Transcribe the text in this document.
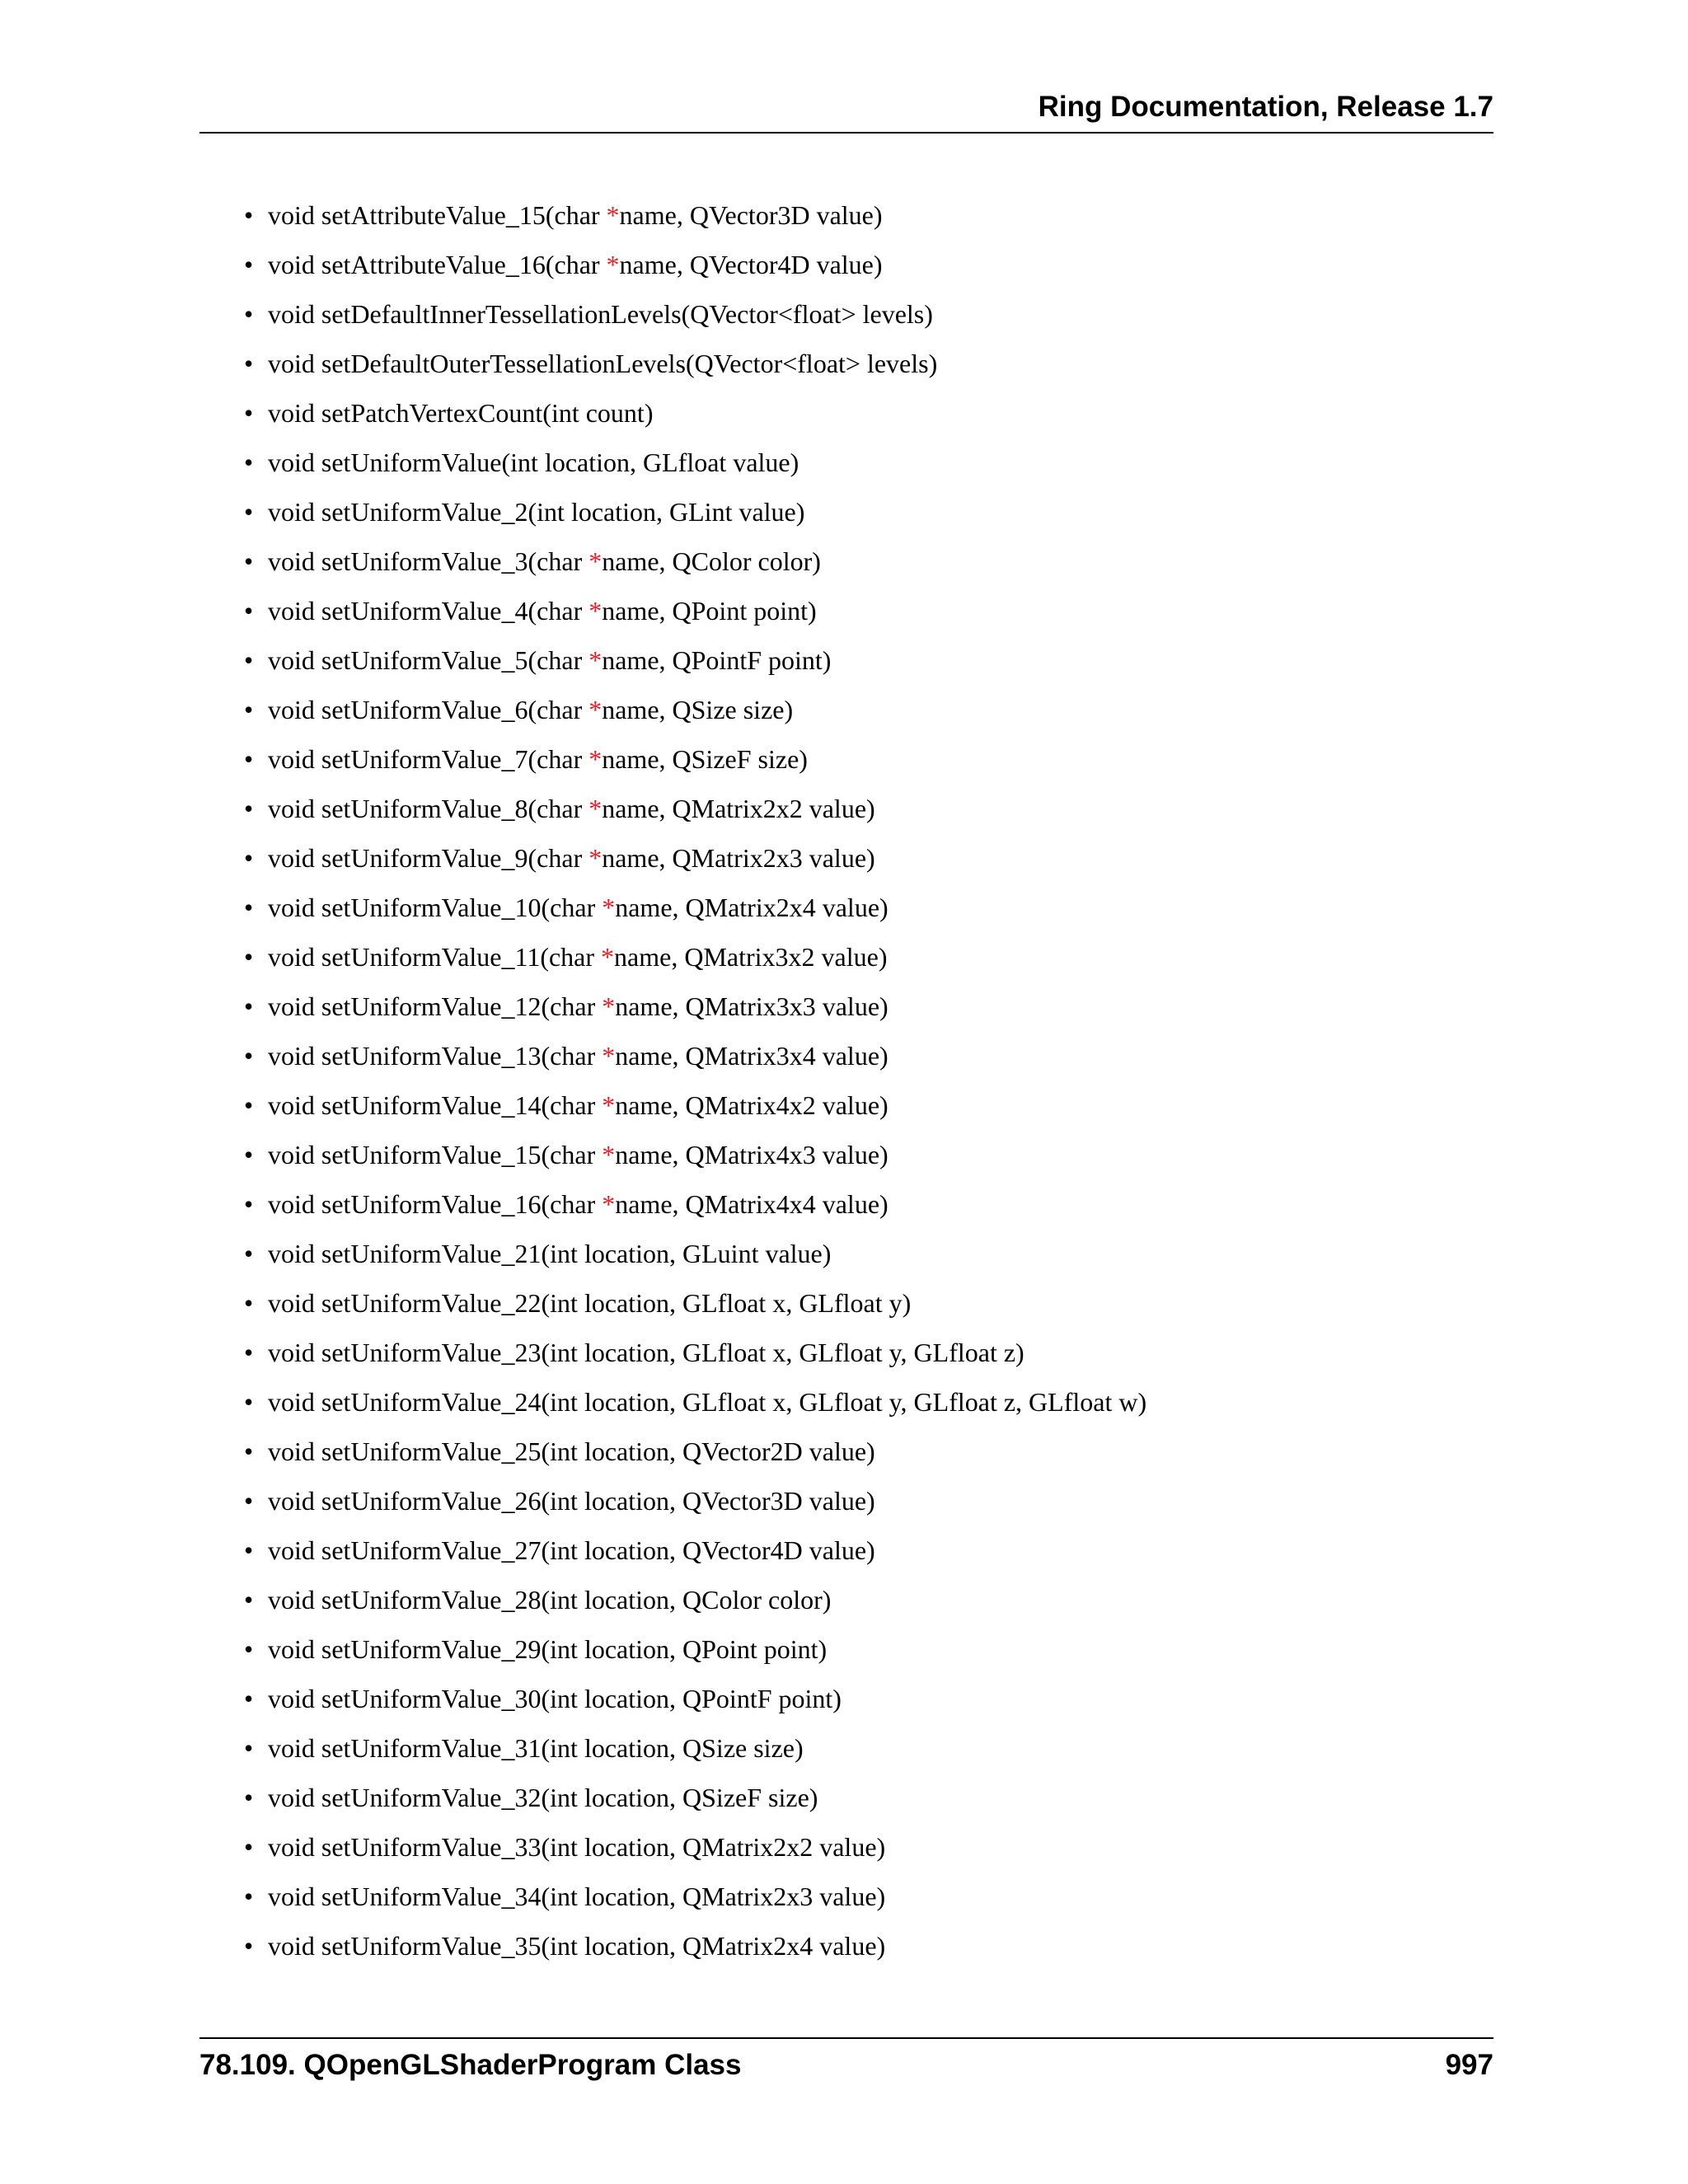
Ring Documentation, Release 1.7
• void setAttributeValue_15(char *name, QVector3D value)
• void setAttributeValue_16(char *name, QVector4D value)
• void setDefaultInnerTessellationLevels(QVector<float> levels)
• void setDefaultOuterTessellationLevels(QVector<float> levels)
• void setPatchVertexCount(int count)
• void setUniformValue(int location, GLfloat value)
• void setUniformValue_2(int location, GLint value)
• void setUniformValue_3(char *name, QColor color)
• void setUniformValue_4(char *name, QPoint point)
• void setUniformValue_5(char *name, QPointF point)
• void setUniformValue_6(char *name, QSize size)
• void setUniformValue_7(char *name, QSizeF size)
• void setUniformValue_8(char *name, QMatrix2x2 value)
• void setUniformValue_9(char *name, QMatrix2x3 value)
• void setUniformValue_10(char *name, QMatrix2x4 value)
• void setUniformValue_11(char *name, QMatrix3x2 value)
• void setUniformValue_12(char *name, QMatrix3x3 value)
• void setUniformValue_13(char *name, QMatrix3x4 value)
• void setUniformValue_14(char *name, QMatrix4x2 value)
• void setUniformValue_15(char *name, QMatrix4x3 value)
• void setUniformValue_16(char *name, QMatrix4x4 value)
• void setUniformValue_21(int location, GLuint value)
• void setUniformValue_22(int location, GLfloat x, GLfloat y)
• void setUniformValue_23(int location, GLfloat x, GLfloat y, GLfloat z)
• void setUniformValue_24(int location, GLfloat x, GLfloat y, GLfloat z, GLfloat w)
• void setUniformValue_25(int location, QVector2D value)
• void setUniformValue_26(int location, QVector3D value)
• void setUniformValue_27(int location, QVector4D value)
• void setUniformValue_28(int location, QColor color)
• void setUniformValue_29(int location, QPoint point)
• void setUniformValue_30(int location, QPointF point)
• void setUniformValue_31(int location, QSize size)
• void setUniformValue_32(int location, QSizeF size)
• void setUniformValue_33(int location, QMatrix2x2 value)
• void setUniformValue_34(int location, QMatrix2x3 value)
• void setUniformValue_35(int location, QMatrix2x4 value)
78.109. QOpenGLShaderProgram Class	997
